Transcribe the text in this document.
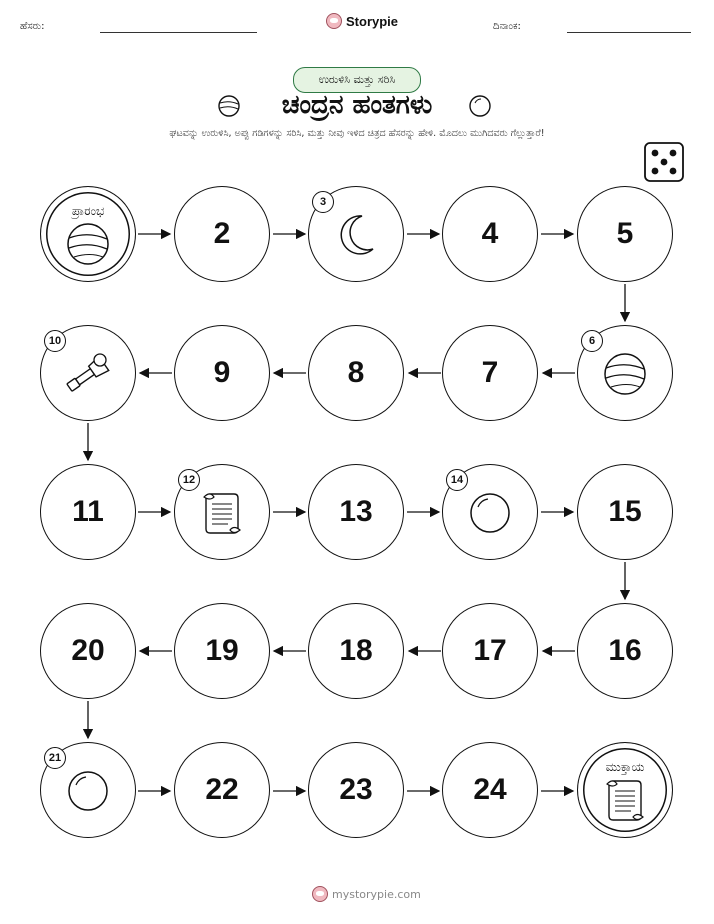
ಹೆಸರು:	Storypie	ದಿನಾಂಕ:
ಉರುಳಿಸಿ ಮತ್ತು ಸರಿಸಿ
ಚಂದ್ರನ ಹಂತಗಳು
ಘಟವನ್ನು ಉರುಳಿಸಿ, ಅಪ್ಪು ಗಡಿಗಳನ್ನು ಸರಿಸಿ, ಮತ್ತು ನೀವು ಇಳಿದ ಚಿತ್ರದ ಹೆಸರನ್ನು ಹೇಳಿ. ಮೊದಲು ಮುಗಿದವರು ಗೆಲ್ಲುತ್ತಾರೆ!
ಪ್ರಾರಂಭ
2
3
4	5
6
7
8
9
10
11
12
13
14
15
16
17
18
19
20
21
22	23	24
ಮುಕ್ತಾಯ
mystorypie.com
